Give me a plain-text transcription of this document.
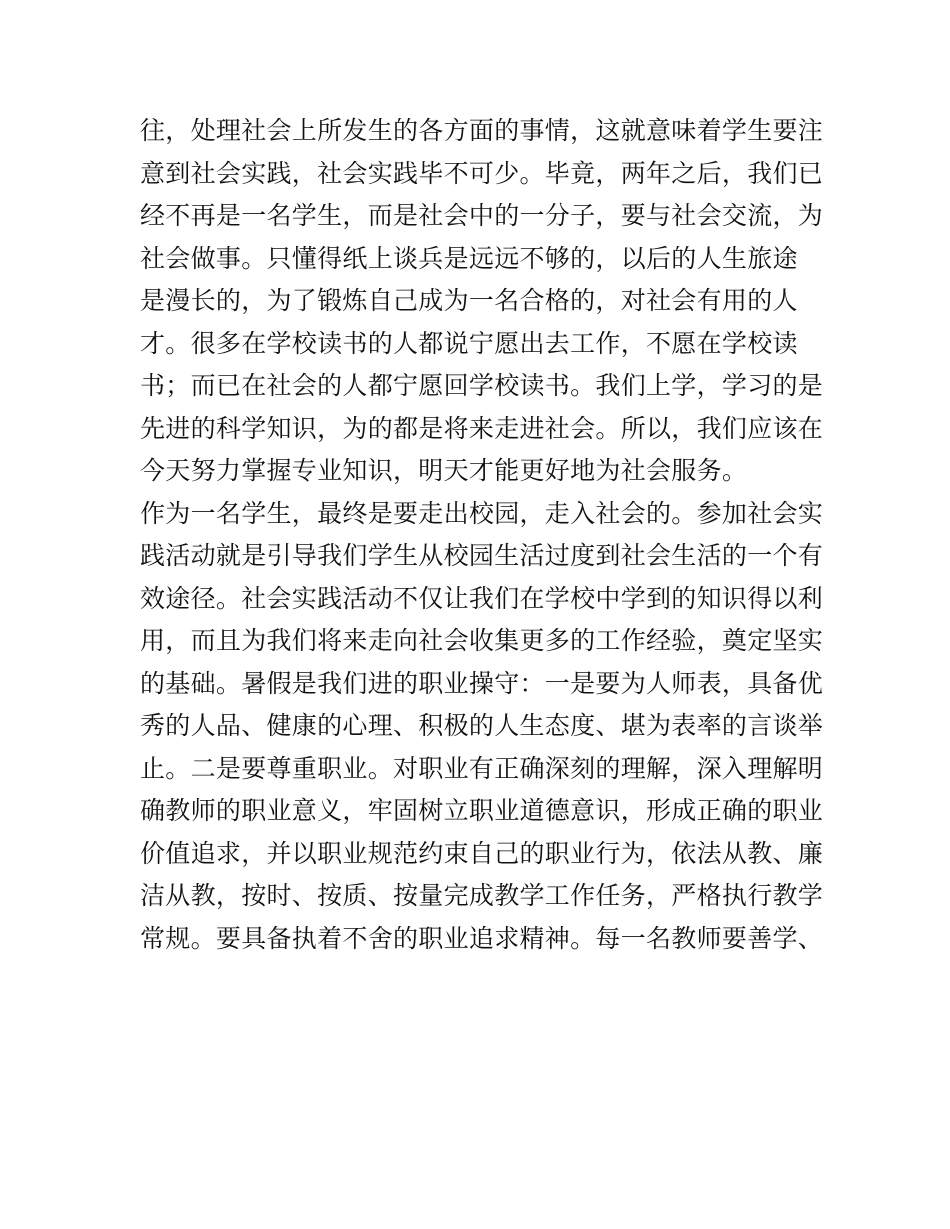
往，处理社会上所发生的各方面的事情，这就意味着学生要注
意到社会实践，社会实践毕不可少。毕竟，两年之后，我们已
经不再是一名学生，而是社会中的一分子，要与社会交流，为
社会做事。只懂得纸上谈兵是远远不够的，以后的人生旅途
是漫长的，为了锻炼自己成为一名合格的，对社会有用的人
才。很多在学校读书的人都说宁愿出去工作，不愿在学校读
书；而已在社会的人都宁愿回学校读书。我们上学，学习的是
先进的科学知识，为的都是将来走进社会。所以，我们应该在
今天努力掌握专业知识，明天才能更好地为社会服务。
作为一名学生，最终是要走出校园，走入社会的。参加社会实
践活动就是引导我们学生从校园生活过度到社会生活的一个有
效途径。社会实践活动不仅让我们在学校中学到的知识得以利
用，而且为我们将来走向社会收集更多的工作经验，奠定坚实
的基础。暑假是我们进的职业操守：一是要为人师表，具备优
秀的人品、健康的心理、积极的人生态度、堪为表率的言谈举
止。二是要尊重职业。对职业有正确深刻的理解，深入理解明
确教师的职业意义，牢固树立职业道德意识，形成正确的职业
价值追求，并以职业规范约束自己的职业行为，依法从教、廉
洁从教，按时、按质、按量完成教学工作任务，严格执行教学
常规。要具备执着不舍的职业追求精神。每一名教师要善学、
